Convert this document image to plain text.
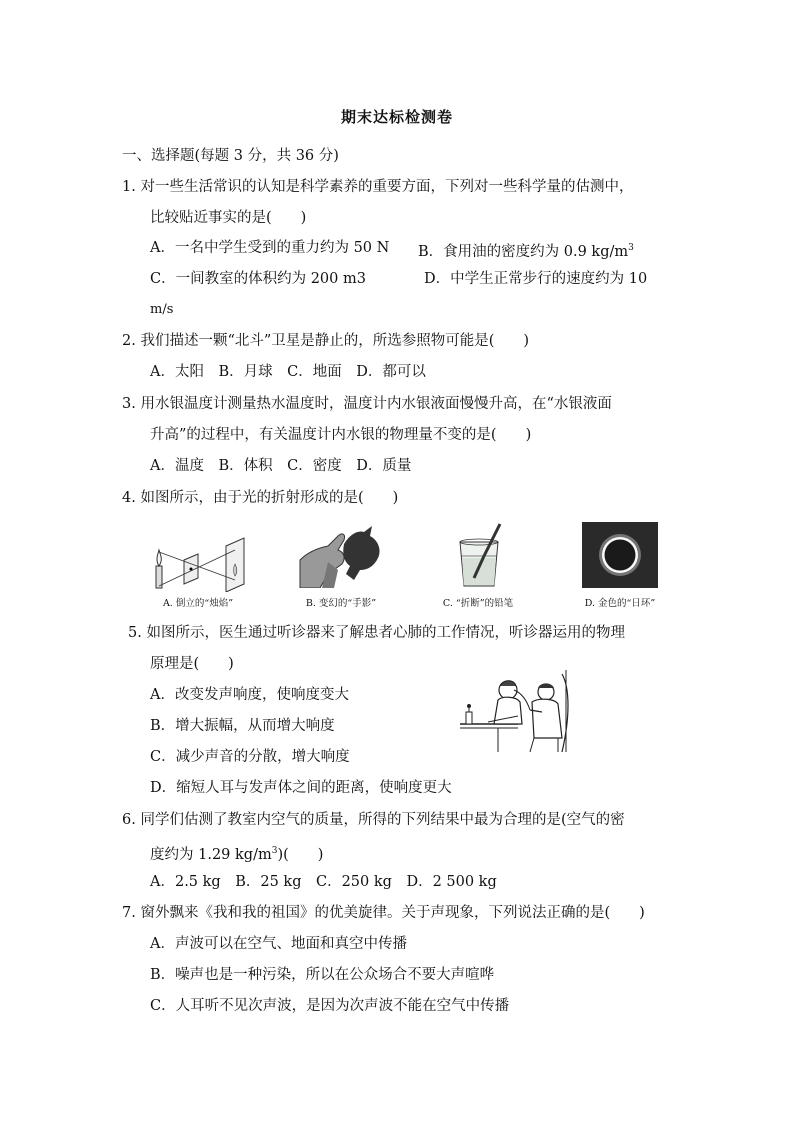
期末达标检测卷
一、选择题(每题 3 分，共 36 分)
1. 对一些生活常识的认知是科学素养的重要方面，下列对一些科学量的估测中，
比较贴近事实的是(　　)
A．一名中学生受到的重力约为 50 N B．食用油的密度约为 0.9 $kg/m^3$
C．一间教室的体积约为 200 m3	D．中学生正常步行的速度约为 10
m/s
2. 我们描述一颗“北斗”卫星是静止的，所选参照物可能是(　　)
A．太阳　B．月球　C．地面　D．都可以
3. 用水银温度计测量热水温度时，温度计内水银液面慢慢升高，在“水银液面
升高”的过程中，有关温度计内水银的物理量不变的是(　　)
A．温度　B．体积　C．密度　D．质量
4. 如图所示，由于光的折射形成的是(　　)
A. 倒立的“烛焰”	B. 变幻的“手影”	C. “折断”的铅笔	D. 金色的“日环”
5. 如图所示，医生通过听诊器来了解患者心肺的工作情况，听诊器运用的物理
原理是(　　)
A．改变发声响度，使响度变大
B．增大振幅，从而增大响度
C．减少声音的分散，增大响度
D．缩短人耳与发声体之间的距离，使响度更大
6. 同学们估测了教室内空气的质量，所得的下列结果中最为合理的是(空气的密
度约为 1.29 $kg/m^3$)(　　)
A．2.5 kg　B．25 kg　C．250 kg　D．2 500 kg
7. 窗外飘来《我和我的祖国》的优美旋律。关于声现象，下列说法正确的是(　　)
A．声波可以在空气、地面和真空中传播
B．噪声也是一种污染，所以在公众场合不要大声喧哗
C．人耳听不见次声波，是因为次声波不能在空气中传播
